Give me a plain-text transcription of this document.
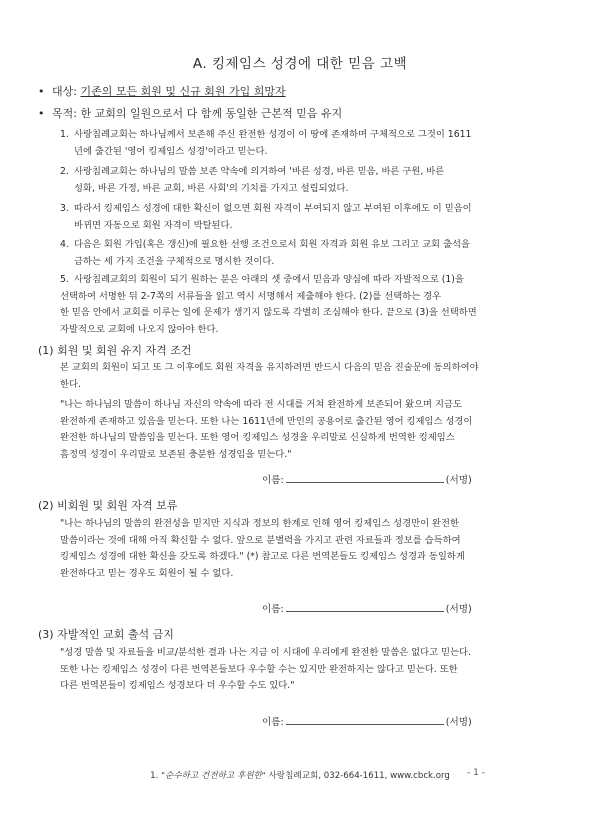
A. 킹제임스 성경에 대한 믿음 고백
• 대상: 기존의 모든 회원 및 신규 회원 가입 희망자
• 목적: 한 교회의 일원으로서 다 함께 동일한 근본적 믿음 유지
1. 사랑침례교회는 하나님께서 보존해 주신 완전한 성경이 이 땅에 존재하며 구체적으로 그것이 1611
년에 출간된 '영어 킹제임스 성경'이라고 믿는다.
2. 사랑침례교회는 하나님의 말씀 보존 약속에 의거하여 '바른 성경, 바른 믿음, 바른 구원, 바른
성화, 바른 가정, 바른 교회, 바른 사회'의 기치를 가지고 설립되었다.
3. 따라서 킹제임스 성경에 대한 확신이 없으면 회원 자격이 부여되지 않고 부여된 이후에도 이 믿음이
바뀌면 자동으로 회원 자격이 박탈된다.
4. 다음은 회원 가입(혹은 갱신)에 필요한 선행 조건으로서 회원 자격과 회원 유보 그리고 교회 출석을
금하는 세 가지 조건을 구체적으로 명시한 것이다.
5. 사랑침례교회의 회원이 되기 원하는 분은 아래의 셋 중에서 믿음과 양심에 따라 자발적으로 (1)을
선택하여 서명한 뒤 2-7쪽의 서류들을 읽고 역시 서명해서 제출해야 한다. (2)를 선택하는 경우
한 믿음 안에서 교회를 이루는 일에 문제가 생기지 않도록 각별히 조심해야 한다. 끝으로 (3)을 선택하면
자발적으로 교회에 나오지 않아야 한다.
(1) 회원 및 회원 유지 자격 조건
본 교회의 회원이 되고 또 그 이후에도 회원 자격을 유지하려면 반드시 다음의 믿음 진술문에 동의하여야
한다.
"나는 하나님의 말씀이 하나님 자신의 약속에 따라 전 시대를 거쳐 완전하게 보존되어 왔으며 지금도
완전하게 존재하고 있음을 믿는다. 또한 나는 1611년에 만인의 공용어로 출간된 영어 킹제임스 성경이
완전한 하나님의 말씀임을 믿는다. 또한 영어 킹제임스 성경을 우리말로 신실하게 번역한 킹제임스
흠정역 성경이 우리말로 보존된 충분한 성경임을 믿는다."
이름:	(서명)
(2) 비회원 및 회원 자격 보류
"나는 하나님의 말씀의 완전성을 믿지만 지식과 정보의 한계로 인해 영어 킹제임스 성경만이 완전한
말씀이라는 것에 대해 아직 확신할 수 없다. 앞으로 분별력을 가지고 관련 자료들과 정보를 습득하여
킹제임스 성경에 대한 확신을 갖도록 하겠다." (*) 참고로 다른 번역본들도 킹제임스 성경과 동일하게
완전하다고 믿는 경우도 회원이 될 수 없다.
이름:	(서명)
(3) 자발적인 교회 출석 금지
"성경 말씀 및 자료들을 비교/분석한 결과 나는 지금 이 시대에 우리에게 완전한 말씀은 없다고 믿는다.
또한 나는 킹제임스 성경이 다른 번역본들보다 우수할 수는 있지만 완전하지는 않다고 믿는다. 또한
다른 번역본들이 킹제임스 성경보다 더 우수할 수도 있다."
이름:	(서명)
1. "순수하고 건전하고 후원한" 사랑침례교회, 032-664-1611, www.cbck.org	- 1 -
